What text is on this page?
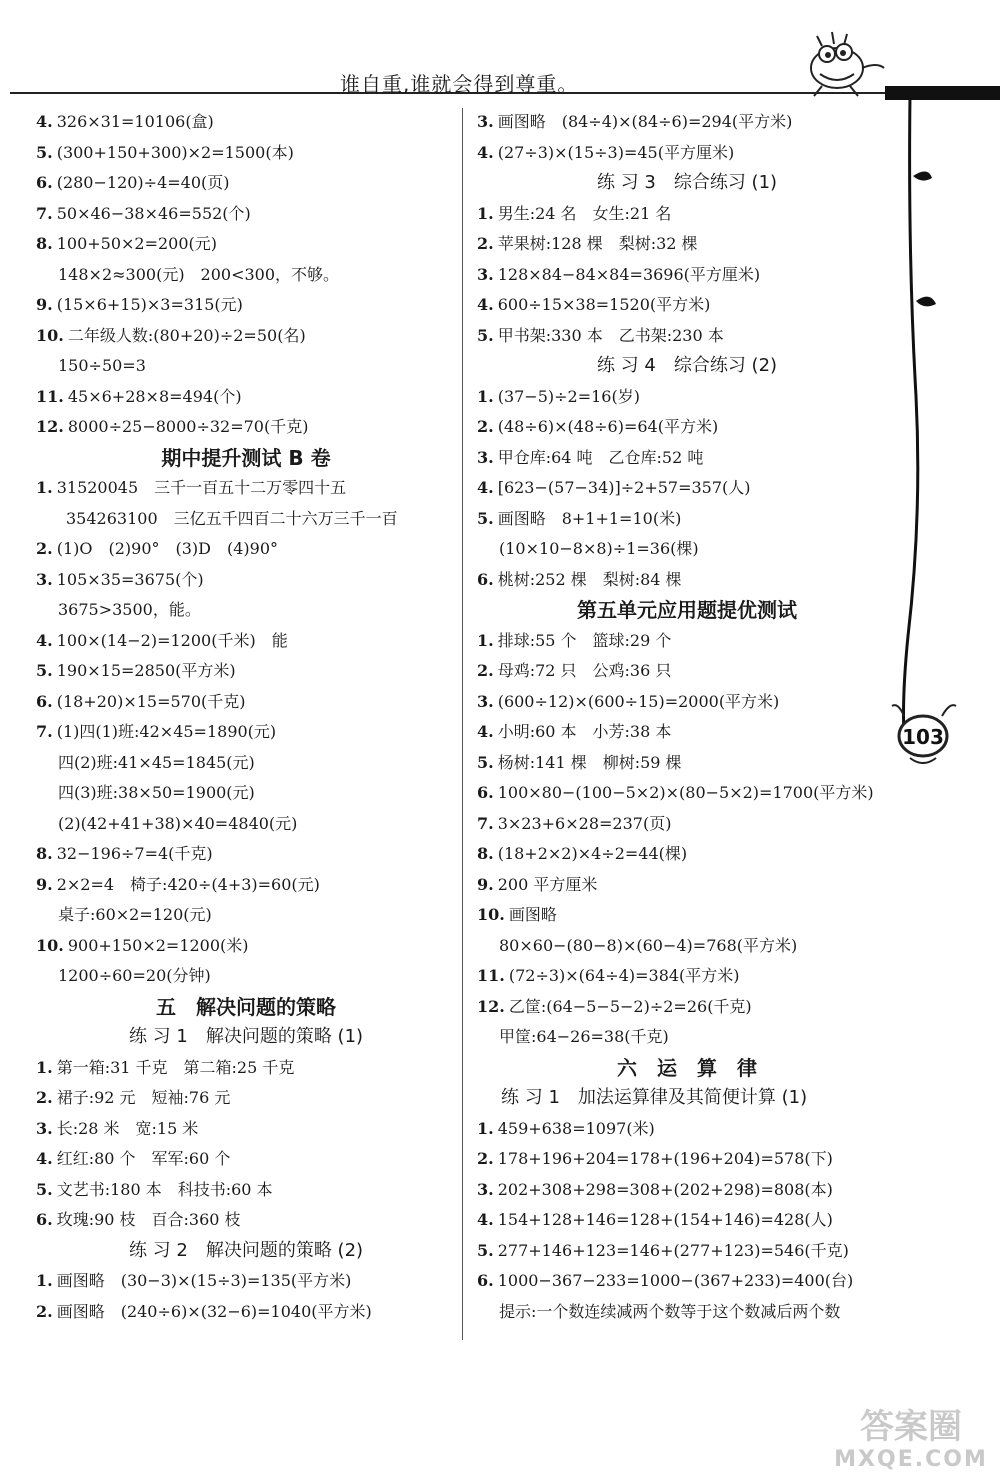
谁自重,谁就会得到尊重。
103
4. 326×31=10106(盒)
5. (300+150+300)×2=1500(本)
6. (280−120)÷4=40(页)
7. 50×46−38×46=552(个)
8. 100+50×2=200(元)
148×2≈300(元)　200<300，不够。
9. (15×6+15)×3=315(元)
10. 二年级人数:(80+20)÷2=50(名)
150÷50=3
11. 45×6+28×8=494(个)
12. 8000÷25−8000÷32=70(千克)
期中提升测试 B 卷
1. 31520045　三千一百五十二万零四十五
354263100　三亿五千四百二十六万三千一百
2. (1)O　(2)90°　(3)D　(4)90°
3. 105×35=3675(个)
3675>3500，能。
4. 100×(14−2)=1200(千米)　能
5. 190×15=2850(平方米)
6. (18+20)×15=570(千克)
7. (1)四(1)班:42×45=1890(元)
四(2)班:41×45=1845(元)
四(3)班:38×50=1900(元)
(2)(42+41+38)×40=4840(元)
8. 32−196÷7=4(千克)
9. 2×2=4　椅子:420÷(4+3)=60(元)
桌子:60×2=120(元)
10. 900+150×2=1200(米)
1200÷60=20(分钟)
五　解决问题的策略
练 习 1　解决问题的策略 (1)
1. 第一箱:31 千克　第二箱:25 千克
2. 裙子:92 元　短袖:76 元
3. 长:28 米　宽:15 米
4. 红红:80 个　军军:60 个
5. 文艺书:180 本　科技书:60 本
6. 玫瑰:90 枝　百合:360 枝
练 习 2　解决问题的策略 (2)
1. 画图略　(30−3)×(15÷3)=135(平方米)
2. 画图略　(240÷6)×(32−6)=1040(平方米)
3. 画图略　(84÷4)×(84÷6)=294(平方米)
4. (27÷3)×(15÷3)=45(平方厘米)
练 习 3　综合练习 (1)
1. 男生:24 名　女生:21 名
2. 苹果树:128 棵　梨树:32 棵
3. 128×84−84×84=3696(平方厘米)
4. 600÷15×38=1520(平方米)
5. 甲书架:330 本　乙书架:230 本
练 习 4　综合练习 (2)
1. (37−5)÷2=16(岁)
2. (48÷6)×(48÷6)=64(平方米)
3. 甲仓库:64 吨　乙仓库:52 吨
4. [623−(57−34)]÷2+57=357(人)
5. 画图略　8+1+1=10(米)
(10×10−8×8)÷1=36(棵)
6. 桃树:252 棵　梨树:84 棵
第五单元应用题提优测试
1. 排球:55 个　篮球:29 个
2. 母鸡:72 只　公鸡:36 只
3. (600÷12)×(600÷15)=2000(平方米)
4. 小明:60 本　小芳:38 本
5. 杨树:141 棵　柳树:59 棵
6. 100×80−(100−5×2)×(80−5×2)=1700(平方米)
7. 3×23+6×28=237(页)
8. (18+2×2)×4÷2=44(棵)
9. 200 平方厘米
10. 画图略
80×60−(80−8)×(60−4)=768(平方米)
11. (72÷3)×(64÷4)=384(平方米)
12. 乙筐:(64−5−5−2)÷2=26(千克)
甲筐:64−26=38(千克)
六　运　算　律
练 习 1　加法运算律及其简便计算 (1)
1. 459+638=1097(米)
2. 178+196+204=178+(196+204)=578(下)
3. 202+308+298=308+(202+298)=808(本)
4. 154+128+146=128+(154+146)=428(人)
5. 277+146+123=146+(277+123)=546(千克)
6. 1000−367−233=1000−(367+233)=400(台)
提示:一个数连续减两个数等于这个数减后两个数
答案圈
MXQE.COM
